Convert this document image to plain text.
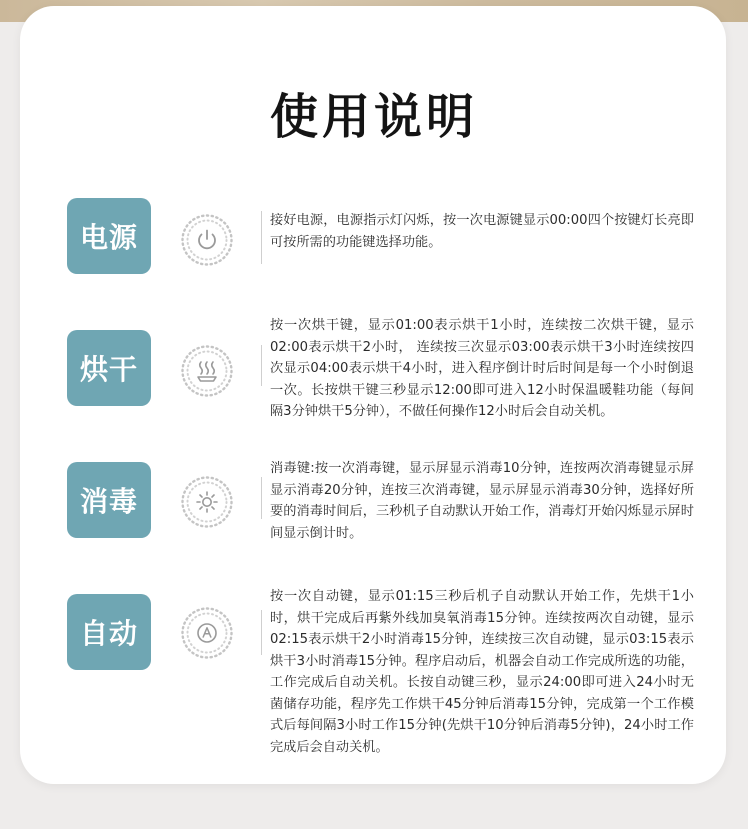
使用说明
电源
接好电源，电源指示灯闪烁，按一次电源键显示00:00四个按键灯长亮即可按所需的功能键选择功能。
烘干
按一次烘干键，显示01:00表示烘干1小时，连续按二次烘干键，显示02:00表示烘干2小时， 连续按三次显示03:00表示烘干3小时连续按四次显示04:00表示烘干4小时，进入程序倒计时后时间是每一个小时倒退一次。长按烘干键三秒显示12:00即可进入12小时保温暖鞋功能（每间隔3分钟烘干5分钟），不做任何操作12小时后会自动关机。
消毒
消毒键:按一次消毒键，显示屏显示消毒10分钟，连按两次消毒键显示屏显示消毒20分钟，连按三次消毒键，显示屏显示消毒30分钟，选择好所要的消毒时间后，三秒机子自动默认开始工作，消毒灯开始闪烁显示屏时间显示倒计时。
自动
按一次自动键，显示01:15三秒后机子自动默认开始工作，先烘干1小时，烘干完成后再紫外线加臭氧消毒15分钟。连续按两次自动键，显示02:15表示烘干2小时消毒15分钟，连续按三次自动键，显示03:15表示烘干3小时消毒15分钟。程序启动后，机器会自动工作完成所选的功能，工作完成后自动关机。长按自动键三秒，显示24:00即可进入24小时无菌储存功能，程序先工作烘干45分钟后消毒15分钟，完成第一个工作模式后每间隔3小时工作15分钟(先烘干10分钟后消毒5分钟)，24小时工作完成后会自动关机。
